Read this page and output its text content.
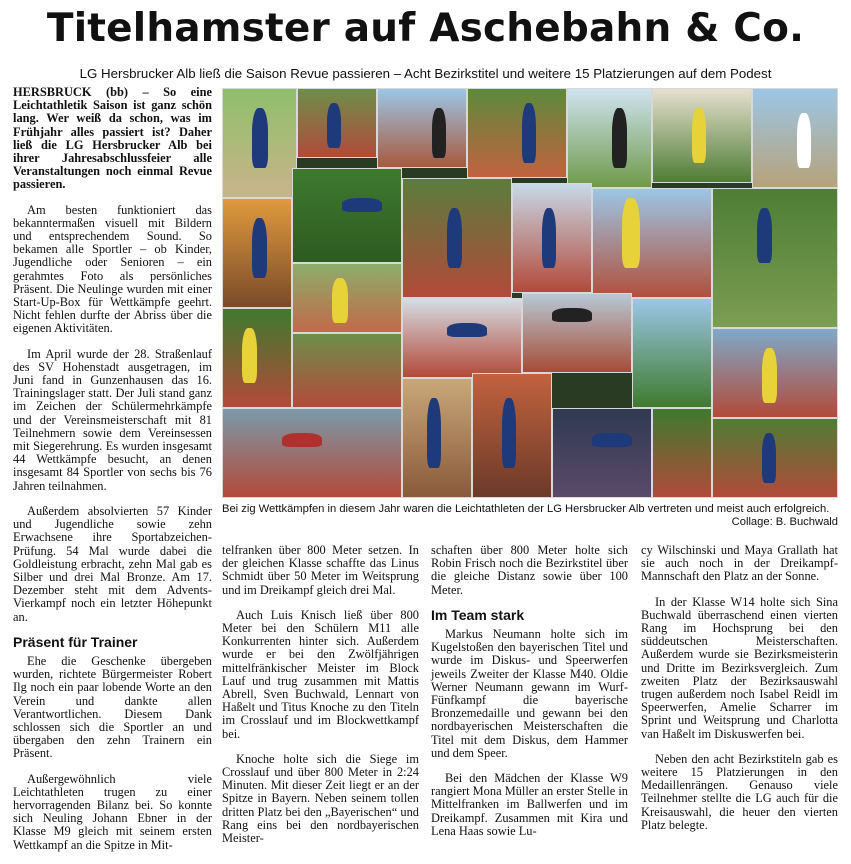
Titelhamster auf Aschebahn & Co.
LG Hersbrucker Alb ließ die Saison Revue passieren – Acht Bezirkstitel und weitere 15 Platzierungen auf dem Podest

HERSBRUCK (bb) – So eine Leichtathletik Saison ist ganz schön lang. Wer weiß da schon, was im Frühjahr alles passiert ist? Daher ließ die LG Hersbrucker Alb bei ihrer Jahresabschlussfeier alle Veranstaltungen noch einmal Revue passieren.

Am besten funktioniert das bekanntermaßen visuell mit Bildern und entsprechendem Sound. So bekamen alle Sportler – ob Kinder, Jugendliche oder Senioren – ein gerahmtes Foto als persönliches Präsent. Die Neulinge wurden mit einer Start-Up-Box für Wettkämpfe geehrt. Nicht fehlen durfte der Abriss über die eigenen Aktivitäten.

Im April wurde der 28. Straßenlauf des SV Hohenstadt ausgetragen, im Juni fand in Gunzenhausen das 16. Trainingslager statt. Der Juli stand ganz im Zeichen der Schülermehrkämpfe und der Vereinsmeisterschaft mit 81 Teilnehmern sowie dem Vereinsessen mit Siegerehrung. Es wurden insgesamt 44 Wettkämpfe besucht, an denen insgesamt 84 Sportler von sechs bis 76 Jahren teilnahmen.

Außerdem absolvierten 57 Kinder und Jugendliche sowie zehn Erwachsene ihre Sportabzeichen-Prüfung. 54 Mal wurde dabei die Goldleistung erbracht, zehn Mal gab es Silber und drei Mal Bronze. Am 17. Dezember steht mit dem Advents-Vierkampf noch ein letzter Höhepunkt an.

Präsent für Trainer

Ehe die Geschenke übergeben wurden, richtete Bürgermeister Robert Ilg noch ein paar lobende Worte an den Verein und dankte allen Verantwortlichen. Diesem Dank schlossen sich die Sportler an und übergaben den zehn Trainern ein Präsent.

Außergewöhnlich viele Leichtathleten trugen zu einer hervorragenden Bilanz bei. So konnte sich Neuling Johann Ebner in der Klasse M9 gleich mit seinem ersten Wettkampf an die Spitze in Mit-

Bei zig Wettkämpfen in diesem Jahr waren die Leichtathleten der LG Hersbrucker Alb vertreten und meist auch erfolgreich.
Collage: B. Buchwald

telfranken über 800 Meter setzen. In der gleichen Klasse schaffte das Linus Schmidt über 50 Meter im Weitsprung und im Dreikampf gleich drei Mal.

Auch Luis Knisch ließ über 800 Meter bei den Schülern M11 alle Konkurrenten hinter sich. Außerdem wurde er bei den Zwölfjährigen mittelfränkischer Meister im Block Lauf und trug zusammen mit Mattis Abrell, Sven Buchwald, Lennart von Haßelt und Titus Knoche zu den Titeln im Crosslauf und im Blockwettkampf bei.

Knoche holte sich die Siege im Crosslauf und über 800 Meter in 2:24 Minuten. Mit dieser Zeit liegt er an der Spitze in Bayern. Neben seinem tollen dritten Platz bei den „Bayerischen“ und Rang eins bei den nordbayerischen Meister-

schaften über 800 Meter holte sich Robin Frisch noch die Bezirkstitel über die gleiche Distanz sowie über 100 Meter.

Im Team stark

Markus Neumann holte sich im Kugelstoßen den bayerischen Titel und wurde im Diskus- und Speerwerfen jeweils Zweiter der Klasse M40. Oldie Werner Neumann gewann im Wurf-Fünfkampf die bayerische Bronzemedaille und gewann bei den nordbayerischen Meisterschaften die Titel mit dem Diskus, dem Hammer und dem Speer.

Bei den Mädchen der Klasse W9 rangiert Mona Müller an erster Stelle in Mittelfranken im Ballwerfen und im Dreikampf. Zusammen mit Kira und Lena Haas sowie Lu-

cy Wilschinski und Maya Grallath hat sie auch noch in der Dreikampf-Mannschaft den Platz an der Sonne.

In der Klasse W14 holte sich Sina Buchwald überraschend einen vierten Rang im Hochsprung bei den süddeutschen Meisterschaften. Außerdem wurde sie Bezirksmeisterin und Dritte im Bezirksvergleich. Zum zweiten Platz der Bezirksauswahl trugen außerdem noch Isabel Reidl im Speerwerfen, Amelie Scharrer im Sprint und Weitsprung und Charlotta van Haßelt im Diskuswerfen bei.

Neben den acht Bezirkstiteln gab es weitere 15 Platzierungen in den Medaillenrängen. Genauso viele Teilnehmer stellte die LG auch für die Kreisauswahl, die heuer den vierten Platz belegte.
